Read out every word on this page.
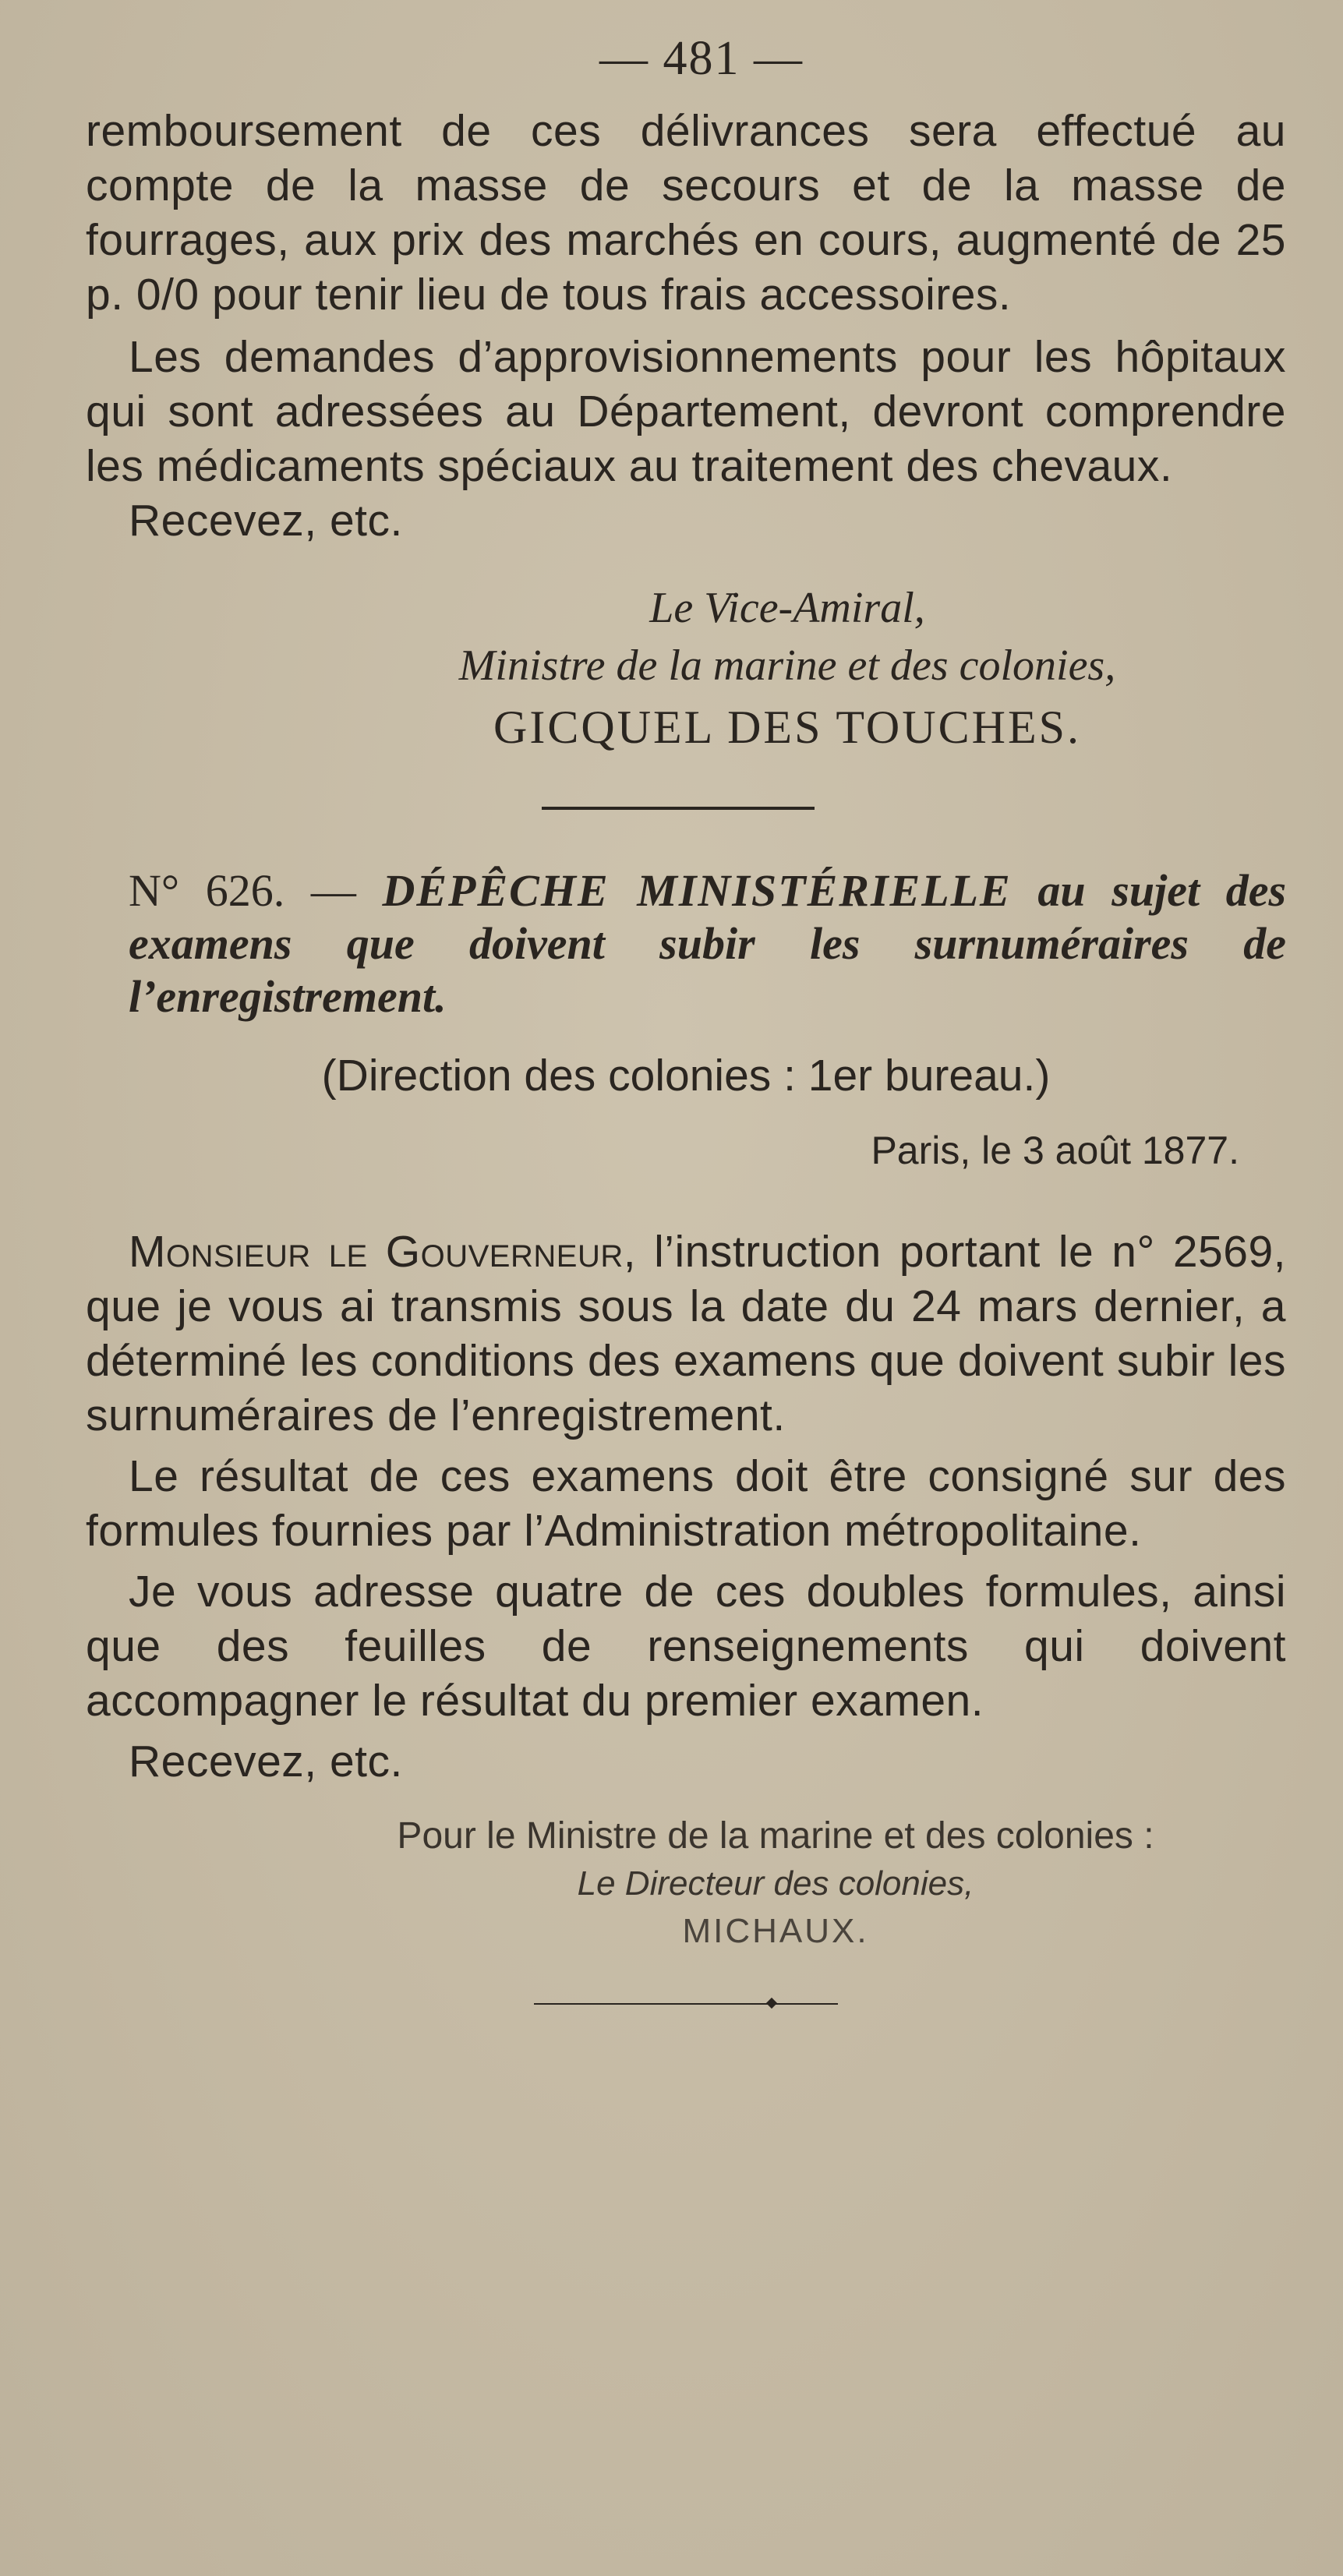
— 481 —

remboursement de ces délivrances sera effectué au compte de la masse de secours et de la masse de fourrages, aux prix des marchés en cours, augmenté de 25 p. 0/0 pour tenir lieu de tous frais accessoires.

Les demandes d’approvisionnements pour les hôpitaux qui sont adressées au Département, devront comprendre les médicaments spéciaux au traitement des chevaux.

Recevez, etc.

Le Vice-Amiral,
Ministre de la marine et des colonies,
GICQUEL DES TOUCHES.
N° 626. — DÉPÊCHE MINISTÉRIELLE au sujet des examens que doivent subir les surnuméraires de l’enregistrement.
(Direction des colonies : 1er bureau.)
Paris, le 3 août 1877.

Monsieur le Gouverneur, l’instruction portant le n° 2569, que je vous ai transmis sous la date du 24 mars dernier, a déterminé les conditions des examens que doivent subir les surnuméraires de l’enregistrement.

Le résultat de ces examens doit être consigné sur des formules fournies par l’Administration métropolitaine.

Je vous adresse quatre de ces doubles formules, ainsi que des feuilles de renseignements qui doivent accompagner le résultat du premier examen.

Recevez, etc.

Pour le Ministre de la marine et des colonies :
Le Directeur des colonies,
MICHAUX.
